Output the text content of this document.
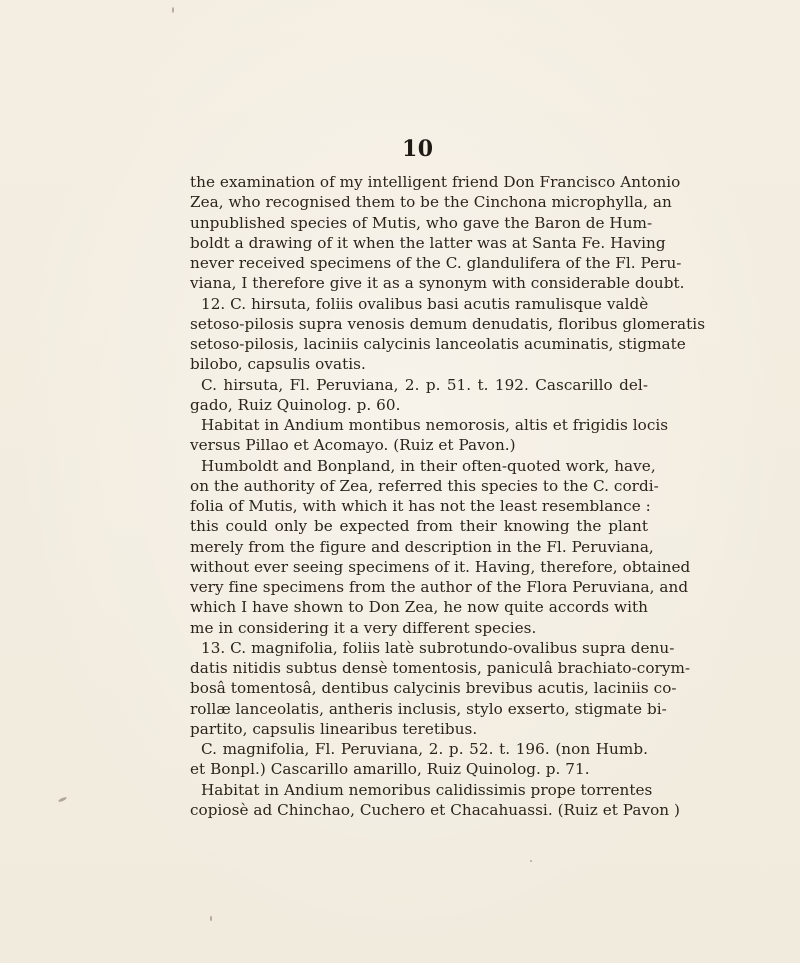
10
the examination of my intelligent friend Don Francisco Antonio
Zea, who recognised them to be the Cinchona microphylla, an
unpublished species of Mutis, who gave the Baron de Hum-
boldt a drawing of it when the latter was at Santa Fe. Having
never received specimens of the C. glandulifera of the Fl. Peru-
viana, I therefore give it as a synonym with considerable doubt.
12. C. hirsuta, foliis ovalibus basi acutis ramulisque valdè
setoso-pilosis supra venosis demum denudatis, floribus glomeratis
setoso-pilosis, laciniis calycinis lanceolatis acuminatis, stigmate
bilobo, capsulis ovatis.
C. hirsuta, Fl. Peruviana, 2. p. 51. t. 192. Cascarillo del-
gado, Ruiz Quinolog. p. 60.
Habitat in Andium montibus nemorosis, altis et frigidis locis
versus Pillao et Acomayo. (Ruiz et Pavon.)
Humboldt and Bonpland, in their often-quoted work, have,
on the authority of Zea, referred this species to the C. cordi-
folia of Mutis, with which it has not the least resemblance :
this could only be expected from their knowing the plant
merely from the figure and description in the Fl. Peruviana,
without ever seeing specimens of it. Having, therefore, obtained
very fine specimens from the author of the Flora Peruviana, and
which I have shown to Don Zea, he now quite accords with
me in considering it a very different species.
13. C. magnifolia, foliis latè subrotundo-ovalibus supra denu-
datis nitidis subtus densè tomentosis, paniculâ brachiato-corym-
bosâ tomentosâ, dentibus calycinis brevibus acutis, laciniis co-
rollæ lanceolatis, antheris inclusis, stylo exserto, stigmate bi-
partito, capsulis linearibus teretibus.
C. magnifolia, Fl. Peruviana, 2. p. 52. t. 196. (non Humb.
et Bonpl.) Cascarillo amarillo, Ruiz Quinolog. p. 71.
Habitat in Andium nemoribus calidissimis prope torrentes
copiosè ad Chinchao, Cuchero et Chacahuassi. (Ruiz et Pavon )
